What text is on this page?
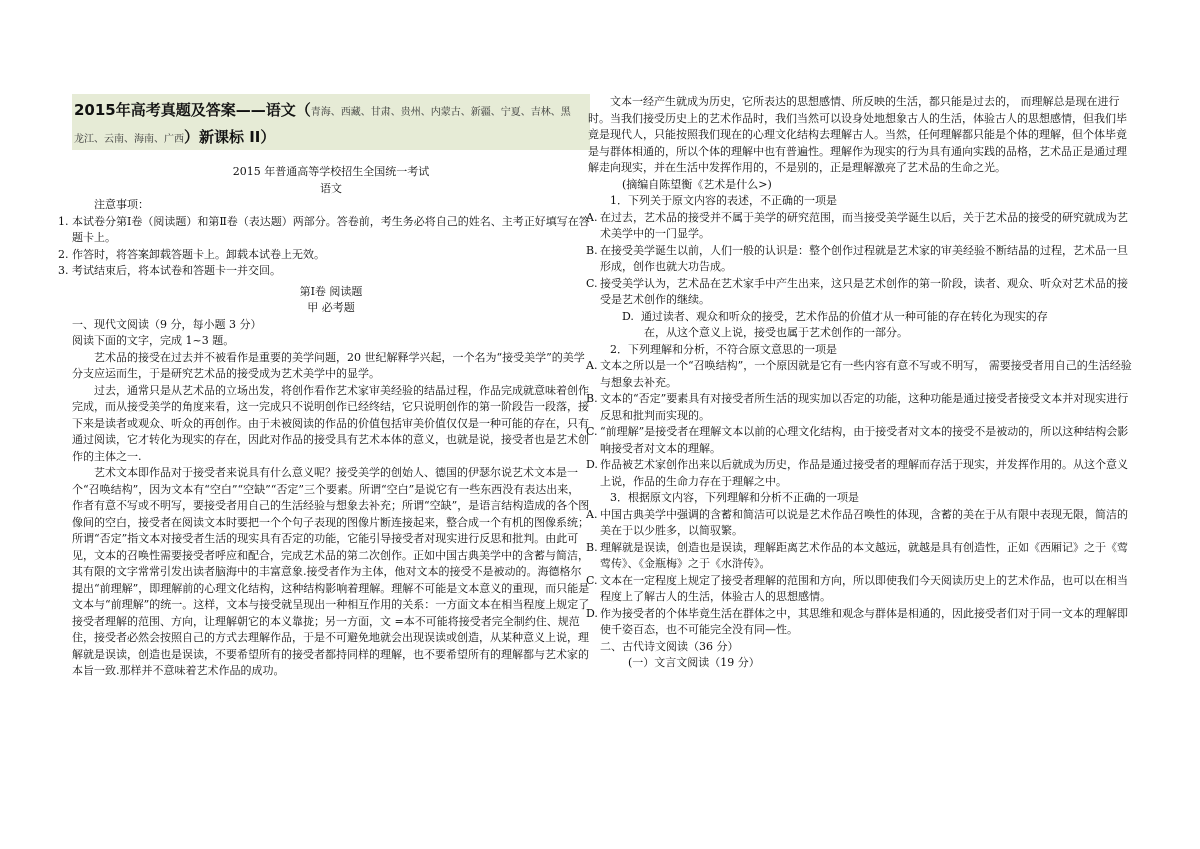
2015年高考真题及答案——语文（青海、西藏、甘肃、贵州、内蒙古、新疆、宁夏、吉林、黑
龙江、云南、海南、广西）新课标 II）

2015 年普通高等学校招生全国统一考试

语文

注意事项：

1. 本试卷分第Ⅰ卷（阅读题）和第Ⅱ卷（表达题）两部分。答卷前，考生务必将自己的姓名、主考正好填写在答题卡上。

2. 作答时，将答案卸载答题卡上。卸载本试卷上无效。

3. 考试结束后，将本试卷和答题卡一并交回。

第Ⅰ卷 阅读题

甲 必考题

一、现代文阅读（9 分，每小题 3 分）

阅读下面的文字，完成 1~3 题。

艺术品的接受在过去并不被看作是重要的美学问题，20 世纪解释学兴起，一个名为“接受美学”的美学分支应运而生，于是研究艺术品的接受成为艺术美学中的显学。

过去，通常只是从艺术品的立场出发，将创作看作艺术家审美经验的结晶过程，作品完成就意味着创作完成，而从接受美学的角度来看，这一完成只不说明创作已经终结，它只说明创作的第一阶段告一段落，接下来是读者或观众、听众的再创作。由于未被阅读的作品的价值包括审美价值仅仅是一种可能的存在，只有通过阅读，它才转化为现实的存在，因此对作品的接受具有艺术本体的意义，也就是说，接受者也是艺术创作的主体之一.

艺术文本即作品对于接受者来说具有什么意义呢？接受美学的创始人、德国的伊瑟尔说艺术文本是一个“召唤结构”，因为文本有“空白”“空缺”“否定”三个要素。所谓“空白”是说它有一些东西没有表达出来，作者有意不写或不明写，要接受者用自己的生活经验与想象去补充；所谓“空缺”，是语言结构造成的各个图像间的空白，接受者在阅读文本时要把一个个句子表现的图像片断连接起来，整合成一个有机的图像系统；所谓“否定”指文本对接受者生活的现实具有否定的功能，它能引导接受者对现实进行反思和批判。由此可见，文本的召唤性需要接受者呼应和配合，完成艺术品的第二次创作。正如中国古典美学中的含蓄与简洁，其有限的文字常常引发出读者脑海中的丰富意象.接受者作为主体，他对文本的接受不是被动的。海德格尔提出“前理解”，即理解前的心理文化结构，这种结构影响着理解。理解不可能是文本意义的重现，而只能是文本与“前理解”的统一。这样，文本与接受就呈现出一种相互作用的关系：一方面文本在相当程度上规定了接受者理解的范围、方向，让理解朝它的本义靠拢；另一方面，文 =本不可能将接受者完全制约住、规范住，接受者必然会按照自己的方式去理解作品，于是不可避免地就会出现误读或创造，从某种意义上说，理解就是误读，创造也是误读，不要希望所有的接受者都持同样的理解，也不要希望所有的理解都与艺术家的本旨一致.那样并不意味着艺术作品的成功。

文本一经产生就成为历史，它所表达的思想感情、所反映的生活，都只能是过去的， 而理解总是现在进行时。当我们接受历史上的艺术作品时，我们当然可以设身处地想象古人的生活，体验古人的思想感情，但我们毕竟是现代人，只能按照我们现在的心理文化结构去理解古人。当然，任何理解都只能是个体的理解，但个体毕竟是与群体相通的，所以个体的理解中也有普遍性。理解作为现实的行为具有通向实践的品格，艺术品正是通过理解走向现实，并在生活中发挥作用的，不是别的，正是理解激亮了艺术品的生命之光。

(摘编自陈望衡《艺术是什么>)

1．下列关于原文内容的表述，不正确的一项是

A. 在过去，艺术品的接受并不属于美学的研究范围，而当接受美学诞生以后，关于艺术品的接受的研究就成为艺术美学中的一门显学。
B. 在接受美学诞生以前，人们一般的认识是：整个创作过程就是艺术家的审美经验不断结晶的过程，艺术品一旦形成，创作也就大功告成。
C. 接受美学认为，艺术品在艺术家手中产生出来，这只是艺术创作的第一阶段，读者、观众、听众对艺术品的接受是艺术创作的继续。

D. 通过读者、观众和听众的接受，艺术作品的价值才从一种可能的存在转化为现实的存

在，从这个意义上说，接受也属于艺术创作的一部分。

2．下列理解和分析，不符合原文意思的一项是

A. 文本之所以是一个“召唤结构”，一个原因就是它有一些内容有意不写或不明写， 需要接受者用自己的生活经验与想象去补充。
B. 文本的“否定”要素具有对接受者所生活的现实加以否定的功能，这种功能是通过接受者接受文本并对现实进行反思和批判而实现的。
C. “前理解”是接受者在理解文本以前的心理文化结构，由于接受者对文本的接受不是被动的，所以这种结构会影响接受者对文本的理解。
D. 作品被艺术家创作出来以后就成为历史，作品是通过接受者的理解而存活于现实，并发挥作用的。从这个意义上说，作品的生命力存在于理解之中。

3．根据原文内容，下列理解和分析不正确的一项是

A. 中国古典美学中强调的含蓄和简洁可以说是艺术作品召唤性的体现，含蓄的美在于从有限中表现无限，简洁的美在于以少胜多，以简驭繁。
B. 理解就是误读，创造也是误读，理解距离艺术作品的本文越远，就越是具有创造性，正如《西厢记》之于《莺莺传》、《金瓶梅》之于《水浒传》。
C. 文本在一定程度上规定了接受者理解的范围和方向，所以即使我们今天阅读历史上的艺术作品，也可以在相当程度上了解古人的生活，体验古人的思想感情。
D. 作为接受者的个体毕竟生活在群体之中，其思维和观念与群体是相通的，因此接受者们对于同一文本的理解即使千姿百态，也不可能完全没有同—性。

二、古代诗文阅读（36 分）

(一）文言文阅读（19 分）
